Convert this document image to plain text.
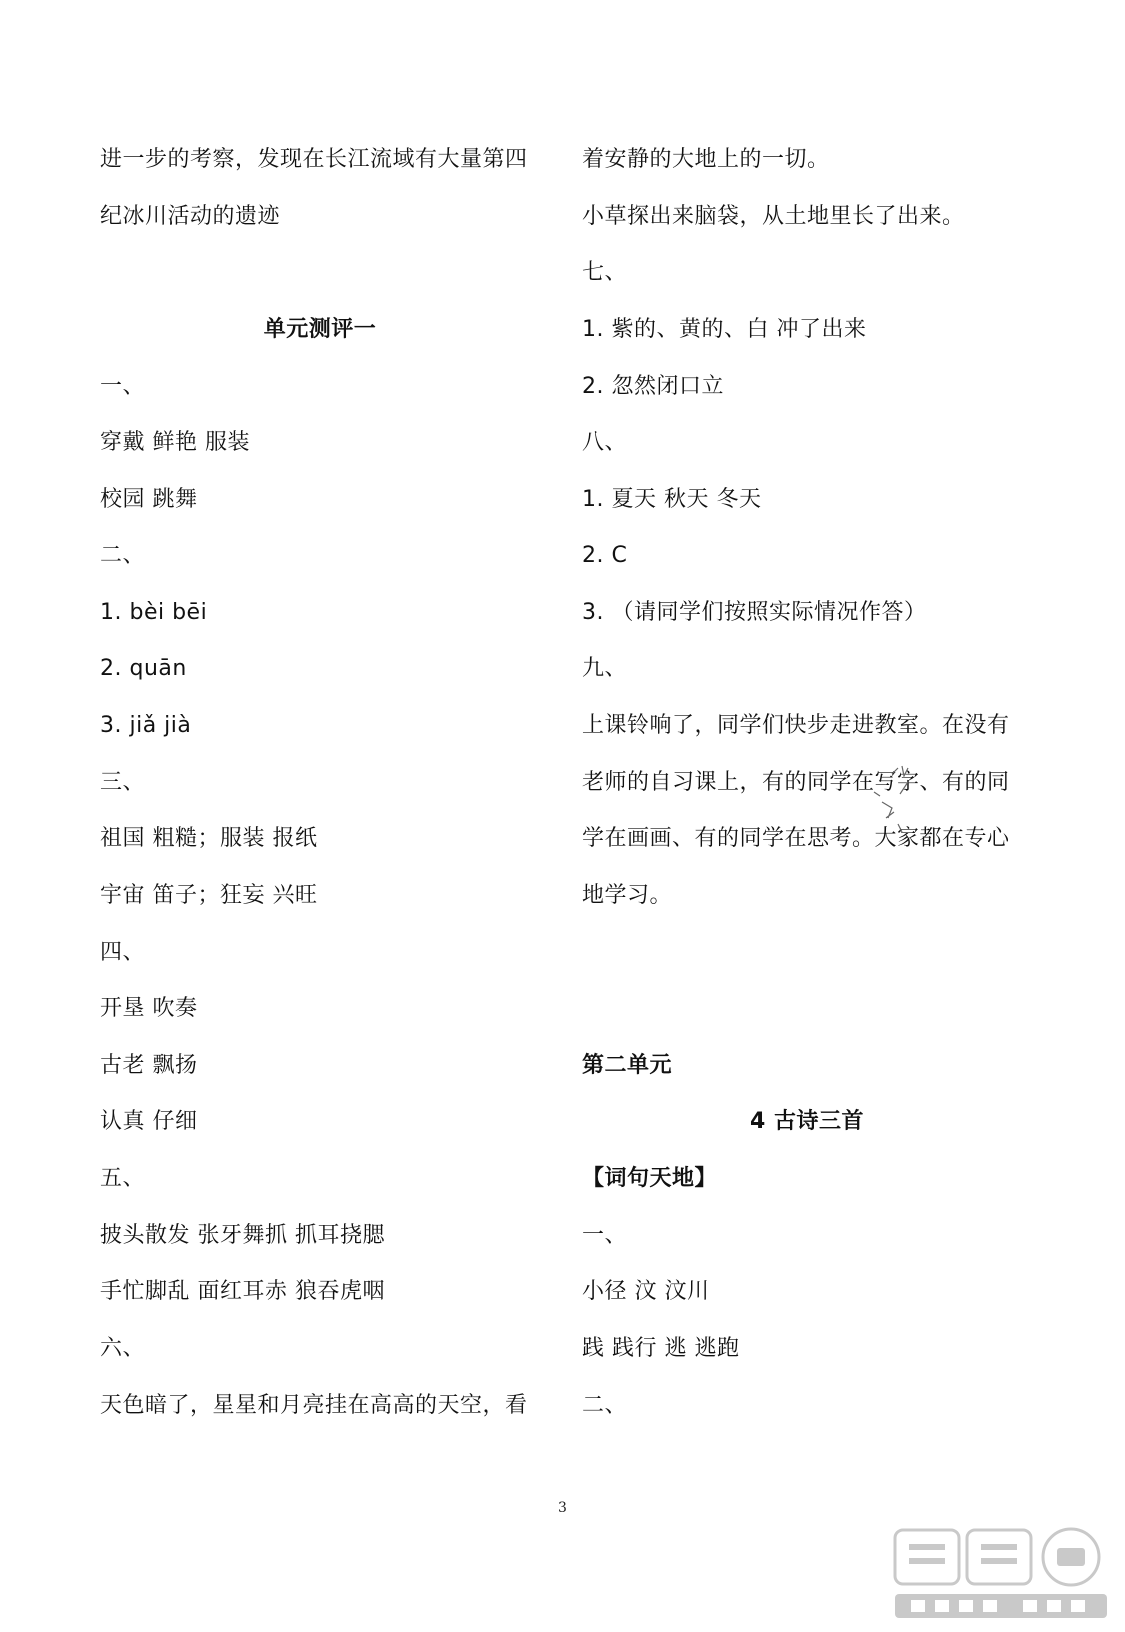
进一步的考察，发现在长江流域有大量第四
纪冰川活动的遗迹
单元测评一
一、
穿戴 鲜艳 服装
校园 跳舞
二、
1. bèi bēi
2. quān
3. jiǎ jià
三、
祖国 粗糙；服装 报纸
宇宙 笛子；狂妄 兴旺
四、
开垦 吹奏
古老 飘扬
认真 仔细
五、
披头散发 张牙舞抓 抓耳挠腮
手忙脚乱 面红耳赤 狼吞虎咽
六、
天色暗了，星星和月亮挂在高高的天空，看
着安静的大地上的一切。
小草探出来脑袋，从土地里长了出来。
七、
1. 紫的、黄的、白 冲了出来
2. 忽然闭口立
八、
1. 夏天 秋天 冬天
2. C
3. （请同学们按照实际情况作答）
九、
上课铃响了，同学们快步走进教室。在没有
老师的自习课上，有的同学在写字、有的同
学在画画、有的同学在思考。大家都在专心
地学习。
第二单元
4 古诗三首
【词句天地】
一、
小径 汶 汶川
践 践行 逃 逃跑
二、
3
